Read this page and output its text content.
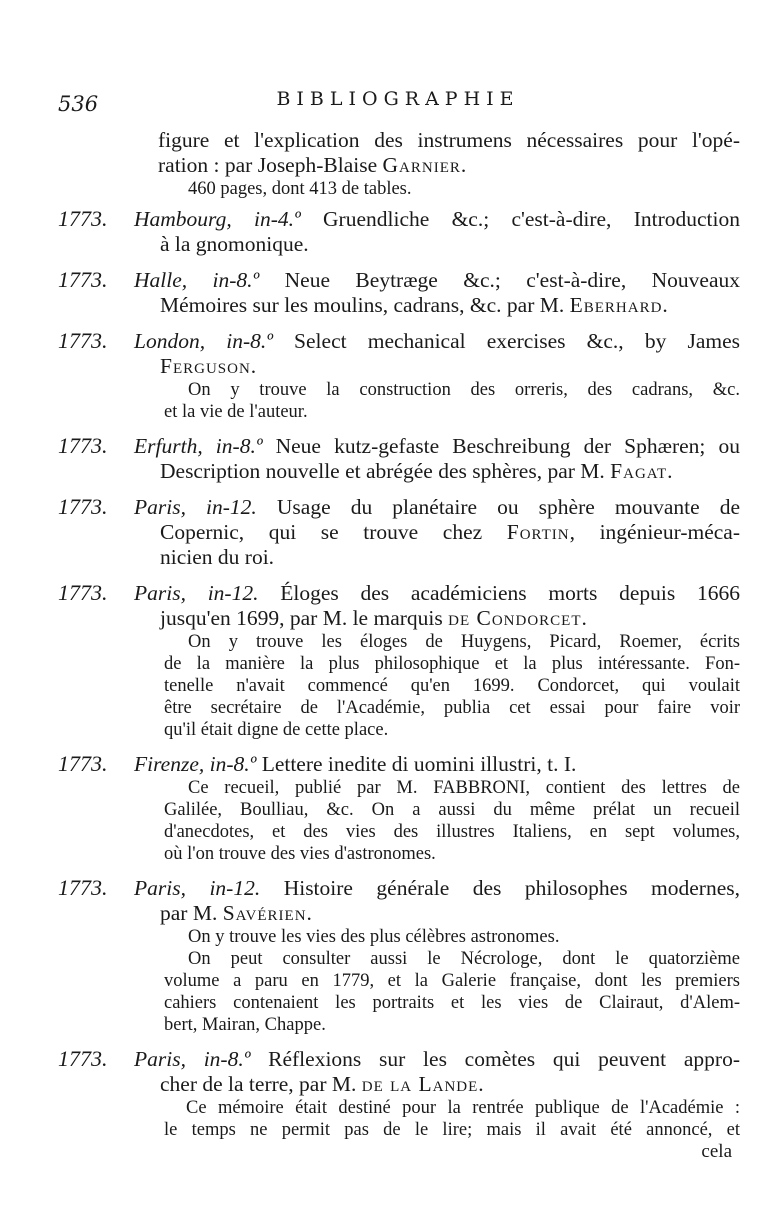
536	BIBLIOGRAPHIE
figure et l'explication des instrumens nécessaires pour l'opé-
ration : par Joseph-Blaise Garnier.
460 pages, dont 413 de tables.
1773.	Hambourg, in-4.º Gruendliche &c.; c'est-à-dire, Introduction
à la gnomonique.
1773.	Halle, in-8.º Neue Beytræge &c.; c'est-à-dire, Nouveaux
Mémoires sur les moulins, cadrans, &c. par M. Eberhard.
1773.	London, in-8.º Select mechanical exercises &c., by James
Ferguson.
On y trouve la construction des orreris, des cadrans, &c.
et la vie de l'auteur.
1773.	Erfurth, in-8.º Neue kutz-gefaste Beschreibung der Sphæren; ou
Description nouvelle et abrégée des sphères, par M. Fagat.
1773.	Paris, in-12. Usage du planétaire ou sphère mouvante de
Copernic, qui se trouve chez Fortin, ingénieur-méca-
nicien du roi.
1773.	Paris, in-12. Éloges des académiciens morts depuis 1666
jusqu'en 1699, par M. le marquis de Condorcet.
On y trouve les éloges de Huygens, Picard, Roemer, écrits
de la manière la plus philosophique et la plus intéressante. Fon-
tenelle n'avait commencé qu'en 1699. Condorcet, qui voulait
être secrétaire de l'Académie, publia cet essai pour faire voir
qu'il était digne de cette place.
1773.	Firenze, in-8.º Lettere inedite di uomini illustri, t. I.
Ce recueil, publié par M. FABBRONI, contient des lettres de
Galilée, Boulliau, &c. On a aussi du même prélat un recueil
d'anecdotes, et des vies des illustres Italiens, en sept volumes,
où l'on trouve des vies d'astronomes.
1773.	Paris, in-12. Histoire générale des philosophes modernes,
par M. Savérien.
On y trouve les vies des plus célèbres astronomes.
On peut consulter aussi le Nécrologe, dont le quatorzième
volume a paru en 1779, et la Galerie française, dont les premiers
cahiers contenaient les portraits et les vies de Clairaut, d'Alem-
bert, Mairan, Chappe.
1773.	Paris, in-8.º Réflexions sur les comètes qui peuvent appro-
cher de la terre, par M. de la Lande.
Ce mémoire était destiné pour la rentrée publique de l'Académie :
le temps ne permit pas de le lire; mais il avait été annoncé, et
cela
